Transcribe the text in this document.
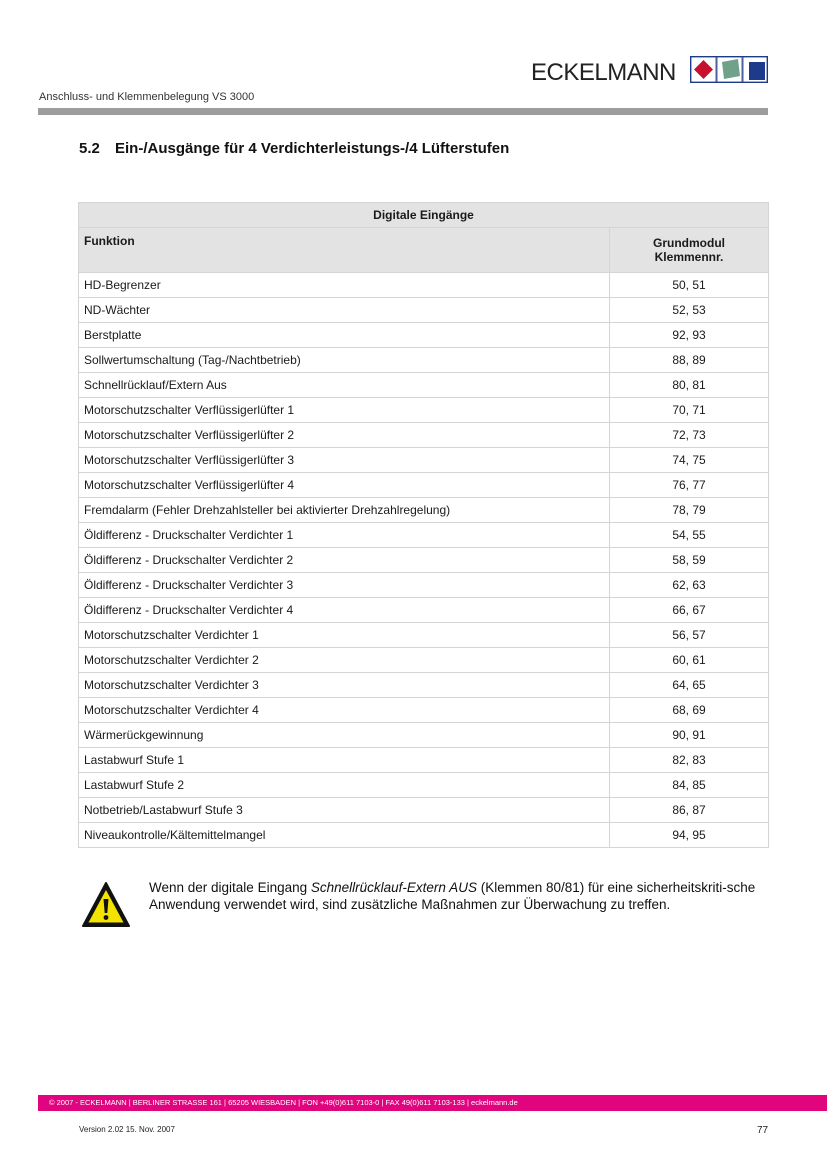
ECKELMANN
Anschluss- und Klemmenbelegung VS 3000
5.2 Ein-/Ausgänge für 4 Verdichterleistungs-/4 Lüfterstufen
Digitale Eingänge	
Funktion	Grundmodul
Klemmennr.
HD-Begrenzer	50, 51
ND-Wächter	52, 53
Berstplatte	92, 93
Sollwertumschaltung (Tag-/Nachtbetrieb)	88, 89
Schnellrücklauf/Extern Aus	80, 81
Motorschutzschalter Verflüssigerlüfter 1	70, 71
Motorschutzschalter Verflüssigerlüfter 2	72, 73
Motorschutzschalter Verflüssigerlüfter 3	74, 75
Motorschutzschalter Verflüssigerlüfter 4	76, 77
Fremdalarm (Fehler Drehzahlsteller bei aktivierter Drehzahlregelung)	78, 79
Öldifferenz - Druckschalter Verdichter 1	54, 55
Öldifferenz - Druckschalter Verdichter 2	58, 59
Öldifferenz - Druckschalter Verdichter 3	62, 63
Öldifferenz - Druckschalter Verdichter 4	66, 67
Motorschutzschalter Verdichter 1	56, 57
Motorschutzschalter Verdichter 2	60, 61
Motorschutzschalter Verdichter 3	64, 65
Motorschutzschalter Verdichter 4	68, 69
Wärmerückgewinnung	90, 91
Lastabwurf Stufe 1	82, 83
Lastabwurf Stufe 2	84, 85
Notbetrieb/Lastabwurf Stufe 3	86, 87
Niveaukontrolle/Kältemittelmangel	94, 95
Wenn der digitale Eingang Schnellrücklauf-Extern AUS (Klemmen 80/81) für eine sicherheitskriti-sche Anwendung verwendet wird, sind zusätzliche Maßnahmen zur Überwachung zu treffen.
© 2007 - ECKELMANN | BERLINER STRASSE 161 | 65205 WIESBADEN | FON +49(0)611 7103-0 | FAX 49(0)611 7103-133 | eckelmann.de
Version 2.02 15. Nov. 2007	77
